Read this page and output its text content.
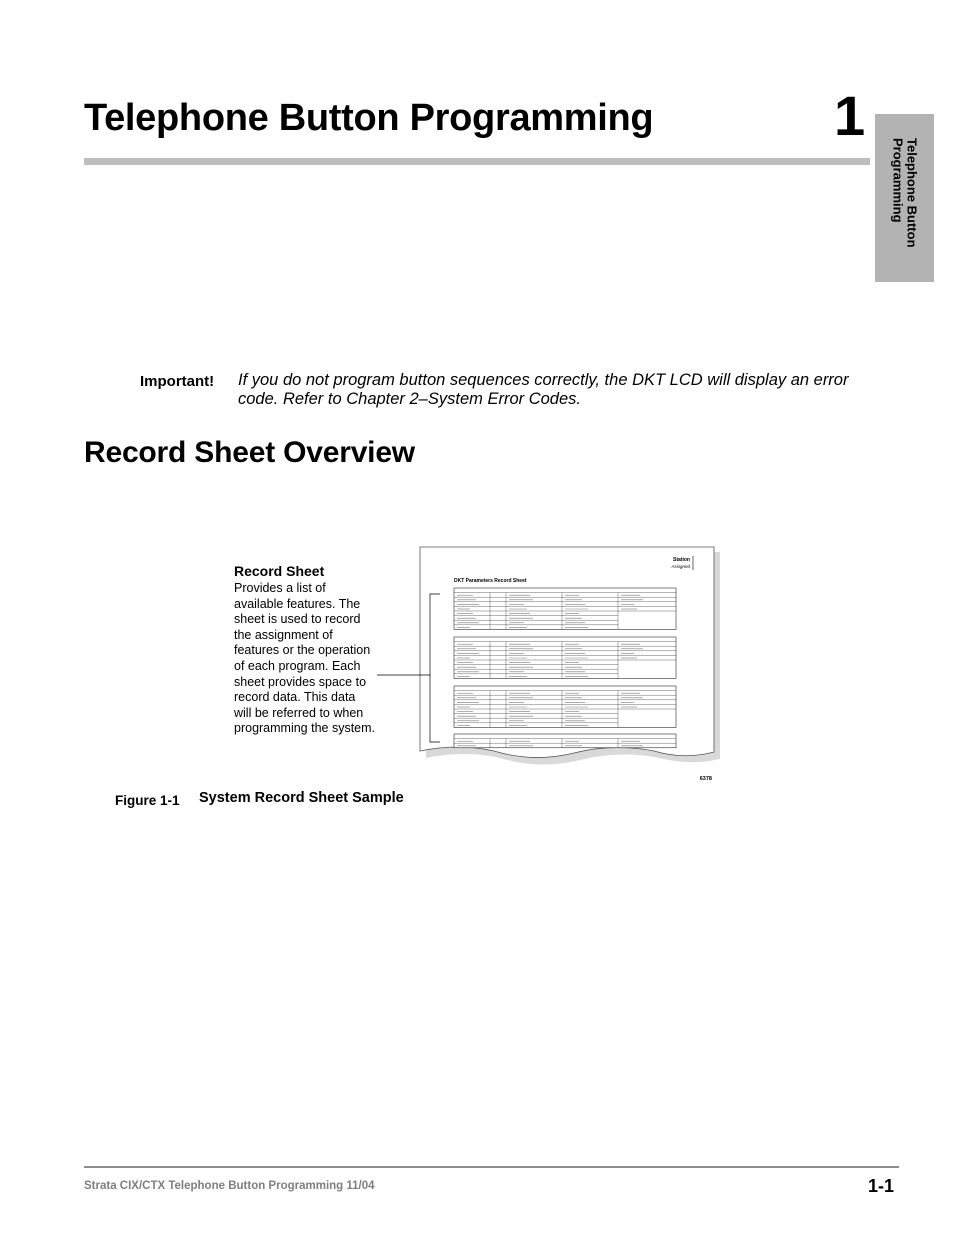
Telephone Button Programming	1
Telephone Button
Programming
Important! If you do not program button sequences correctly, the DKT LCD will display an error code. Refer to Chapter 2–System Error Codes.
Record Sheet Overview
Record Sheet
Provides a list of available features. The sheet is used to record the assignment of features or the operation of each program. Each sheet provides space to record data. This data will be referred to when programming the system.
Station
Assigned
DKT Parameters Record Sheet
6378
Figure 1-1 System Record Sheet Sample
Strata CIX/CTX Telephone Button Programming 11/04	1-1
